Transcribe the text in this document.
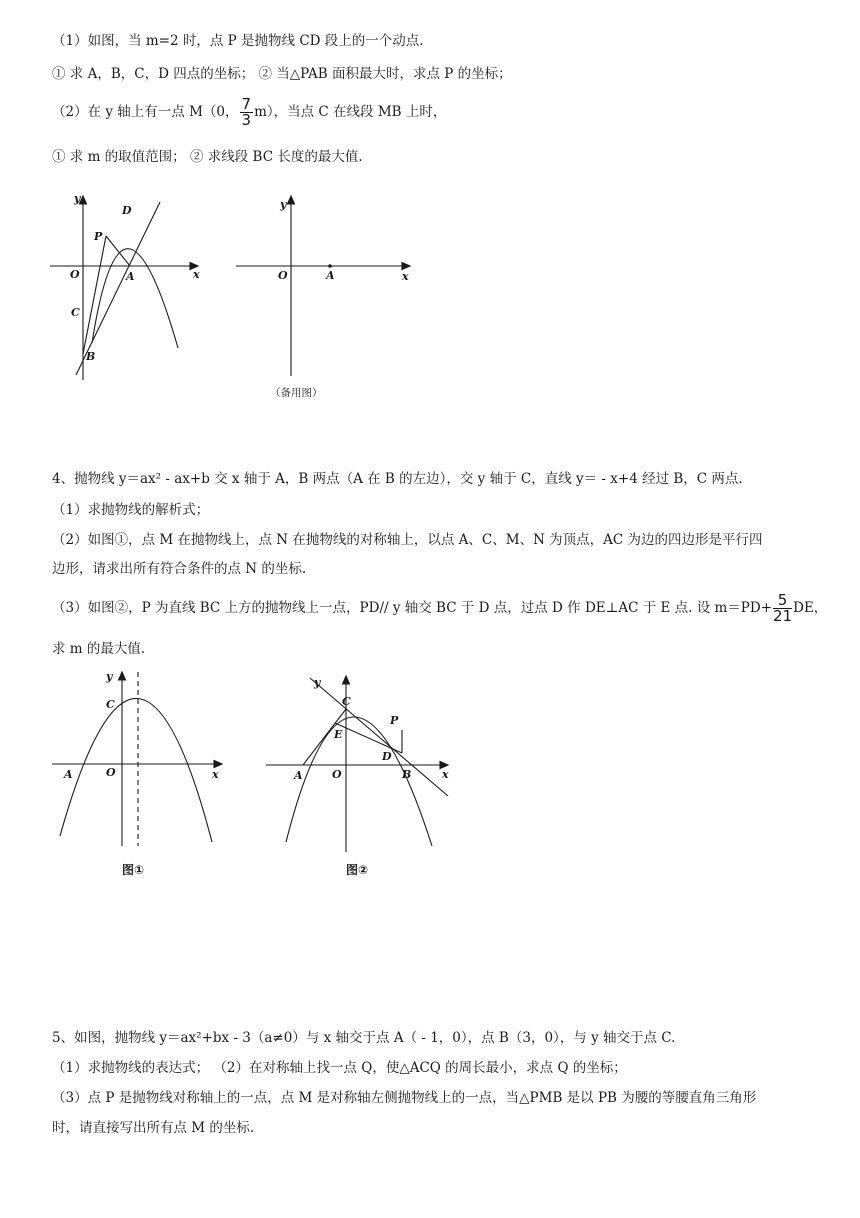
（1）如图，当 m=2 时，点 P 是抛物线 CD 段上的一个动点.
① 求 A，B，C，D 四点的坐标； ② 当△PAB 面积最大时，求点 P 的坐标；
（2）在 y 轴上有一点 M（0， $\frac{7}{3} m$），当点 C 在线段 MB 上时，
① 求 m 的取值范围； ② 求线段 BC 长度的最大值.
y
D
P
O	A	x
C
B
y
O	A	x
（备用图）
4、抛物线 y＝ax² - ax+b 交 x 轴于 A，B 两点（A 在 B 的左边），交 y 轴于 C，直线 y＝ - x+4 经过 B，C 两点.
（1）求抛物线的解析式；
（2）如图①，点 M 在抛物线上，点 N 在抛物线的对称轴上，以点 A、C、M、N 为顶点，AC 为边的四边形是平行四
边形，请求出所有符合条件的点 N 的坐标.
（3）如图②，P 为直线 BC 上方的抛物线上一点，PD// y 轴交 BC 于 D 点，过点 D 作 DE⊥AC 于 E 点. 设 $m=PD+ \frac{5}{21}$ DE，
求 m 的最大值.
y
C
A	O	x
图①
C
y
P
E
D
A	O	B	x
图②
5、如图，抛物线 y＝ax²+bx - 3（a≠0）与 x 轴交于点 A（ - 1，0），点 B（3，0），与 y 轴交于点 C.
（1）求抛物线的表达式； （2）在对称轴上找一点 Q，使△ACQ 的周长最小，求点 Q 的坐标；
（3）点 P 是抛物线对称轴上的一点，点 M 是对称轴左侧抛物线上的一点，当△PMB 是以 PB 为腰的等腰直角三角形
时，请直接写出所有点 M 的坐标.
